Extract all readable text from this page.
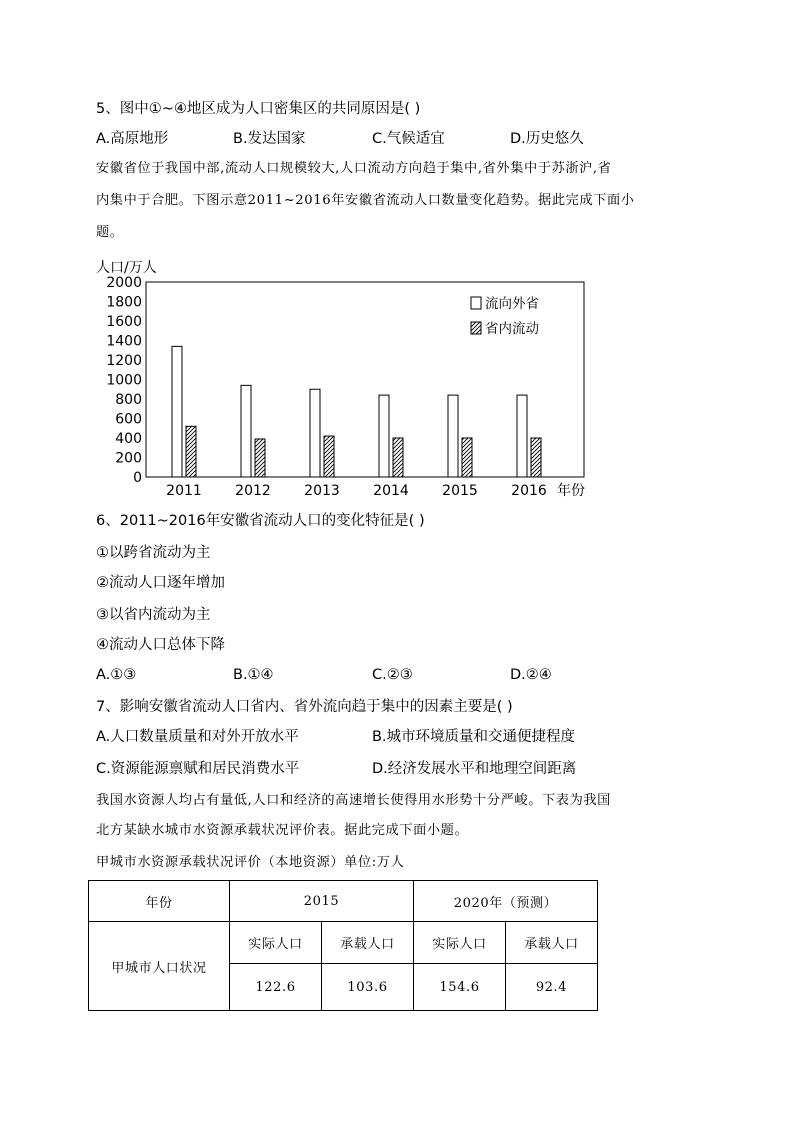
5、图中①~④地区成为人口密集区的共同原因是( )
A.高原地形	B.发达国家	C.气候适宜	D.历史悠久
安徽省位于我国中部,流动人口规模较大,人口流动方向趋于集中,省外集中于苏浙沪,省
内集中于合肥。下图示意2011~2016年安徽省流动人口数量变化趋势。据此完成下面小
题。
人口/万人
0
200
400
600
800
1000
1200
1400
1600
1800
2000
2011 2012 2013 2014 2015 2016 年份
流向外省
省内流动
6、2011~2016年安徽省流动人口的变化特征是( )
①以跨省流动为主
②流动人口逐年增加
③以省内流动为主
④流动人口总体下降
A.①③	B.①④	C.②③	D.②④
7、影响安徽省流动人口省内、省外流向趋于集中的因素主要是( )
A.人口数量质量和对外开放水平	B.城市环境质量和交通便捷程度
C.资源能源禀赋和居民消费水平	D.经济发展水平和地理空间距离
我国水资源人均占有量低,人口和经济的高速增长使得用水形势十分严峻。下表为我国
北方某缺水城市水资源承载状况评价表。据此完成下面小题。
甲城市水资源承载状况评价（本地资源）单位:万人
年份	2015		2020年（预测）	
甲城市人口状况	实际人口	承载人口	实际人口	承载人口
	122.6	103.6	154.6	92.4
